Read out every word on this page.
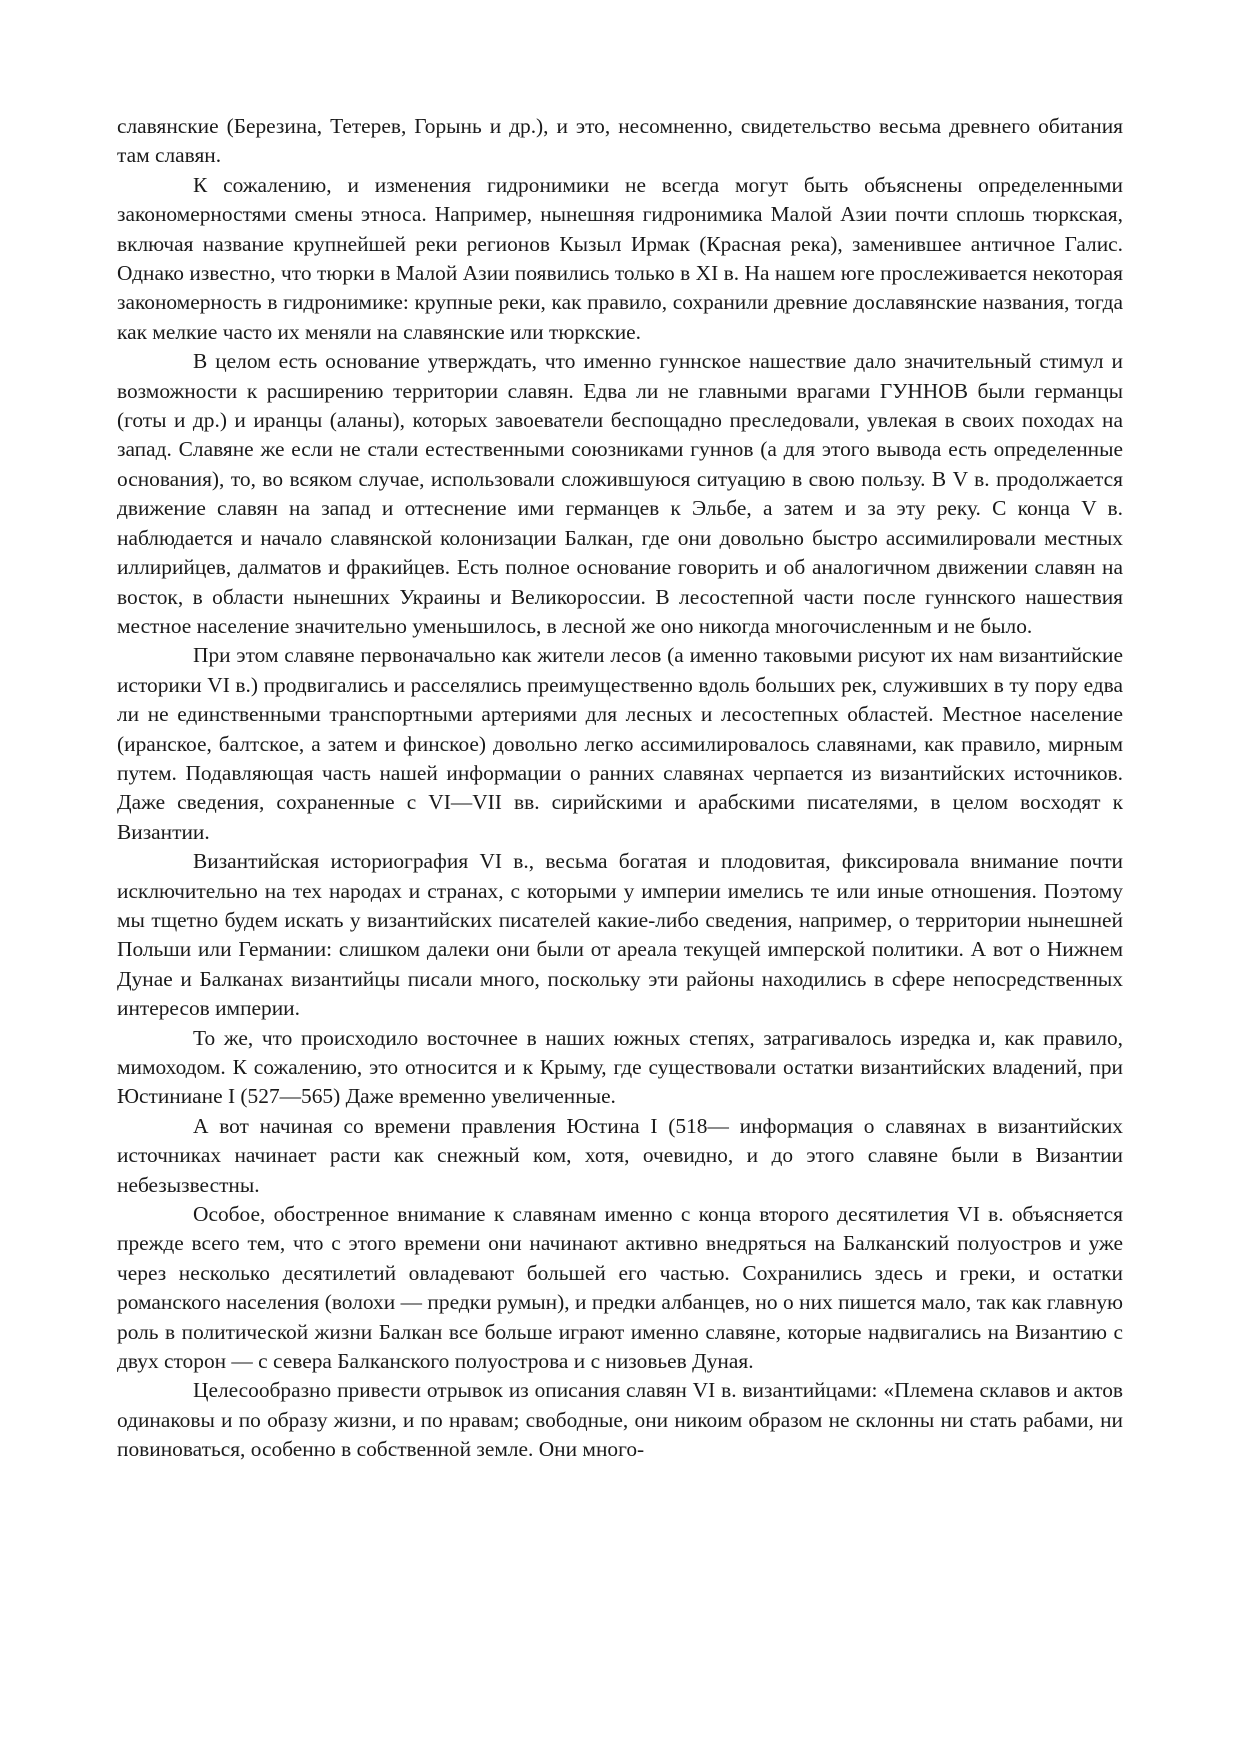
славянские (Березина, Тетерев, Горынь и др.), и это, несомненно, свидетельство весьма древнего обитания там славян.

К сожалению, и изменения гидронимики не всегда могут быть объяснены определенными закономерностями смены этноса. Например, нынешняя гидронимика Малой Азии почти сплошь тюркская, включая название крупнейшей реки регионов Кызыл Ирмак (Красная река), заменившее античное Галис. Однако известно, что тюрки в Малой Азии появились только в XI в. На нашем юге прослеживается некоторая закономерность в гидронимике: крупные реки, как правило, сохранили древние дославянские названия, тогда как мелкие часто их меняли на славянские или тюркские.

В целом есть основание утверждать, что именно гуннское нашествие дало значительный стимул и возможности к расширению территории славян. Едва ли не главными врагами ГУННОВ были германцы (готы и др.) и иранцы (аланы), которых завоеватели беспощадно преследовали, увлекая в своих походах на запад. Славяне же если не стали естественными союзниками гуннов (а для этого вывода есть определенные основания), то, во всяком случае, использовали сложившуюся ситуацию в свою пользу. В V в. продолжается движение славян на запад и оттеснение ими германцев к Эльбе, а затем и за эту реку. С конца V в. наблюдается и начало славянской колонизации Балкан, где они довольно быстро ассимилировали местных иллирийцев, далматов и фракийцев. Есть полное основание говорить и об аналогичном движении славян на восток, в области нынешних Украины и Великороссии. В лесостепной части после гуннского нашествия местное население значительно уменьшилось, в лесной же оно никогда многочисленным и не было.

При этом славяне первоначально как жители лесов (а именно таковыми рисуют их нам византийские историки VI в.) продвигались и расселялись преимущественно вдоль больших рек, служивших в ту пору едва ли не единственными транспортными артериями для лесных и лесостепных областей. Местное население (иранское, балтское, а затем и финское) довольно легко ассимилировалось славянами, как правило, мирным путем. Подавляющая часть нашей информации о ранних славянах черпается из византийских источников. Даже сведения, сохраненные с VI—VII вв. сирийскими и арабскими писателями, в целом восходят к Византии.

Византийская историография VI в., весьма богатая и плодовитая, фиксировала внимание почти исключительно на тех народах и странах, с которыми у империи имелись те или иные отношения. Поэтому мы тщетно будем искать у византийских писателей какие-либо сведения, например, о территории нынешней Польши или Германии: слишком далеки они были от ареала текущей имперской политики. А вот о Нижнем Дунае и Балканах византийцы писали много, поскольку эти районы находились в сфере непосредственных интересов империи.

То же, что происходило восточнее в наших южных степях, затрагивалось изредка и, как правило, мимоходом. К сожалению, это относится и к Крыму, где существовали остатки византийских владений, при Юстиниане I (527—565) Даже временно увеличенные.

А вот начиная со времени правления Юстина I (518— информация о славянах в византийских источниках начинает расти как снежный ком, хотя, очевидно, и до этого славяне были в Византии небезызвестны.

Особое, обостренное внимание к славянам именно с конца второго десятилетия VI в. объясняется прежде всего тем, что с этого времени они начинают активно внедряться на Балканский полуостров и уже через несколько десятилетий овладевают большей его частью. Сохранились здесь и греки, и остатки романского населения (волохи — предки румын), и предки албанцев, но о них пишется мало, так как главную роль в политической жизни Балкан все больше играют именно славяне, которые надвигались на Византию с двух сторон — с севера Балканского полуострова и с низовьев Дуная.

Целесообразно привести отрывок из описания славян VI в. византийцами: «Племена склавов и актов одинаковы и по образу жизни, и по нравам; свободные, они никоим образом не склонны ни стать рабами, ни повиноваться, особенно в собственной земле. Они много-
